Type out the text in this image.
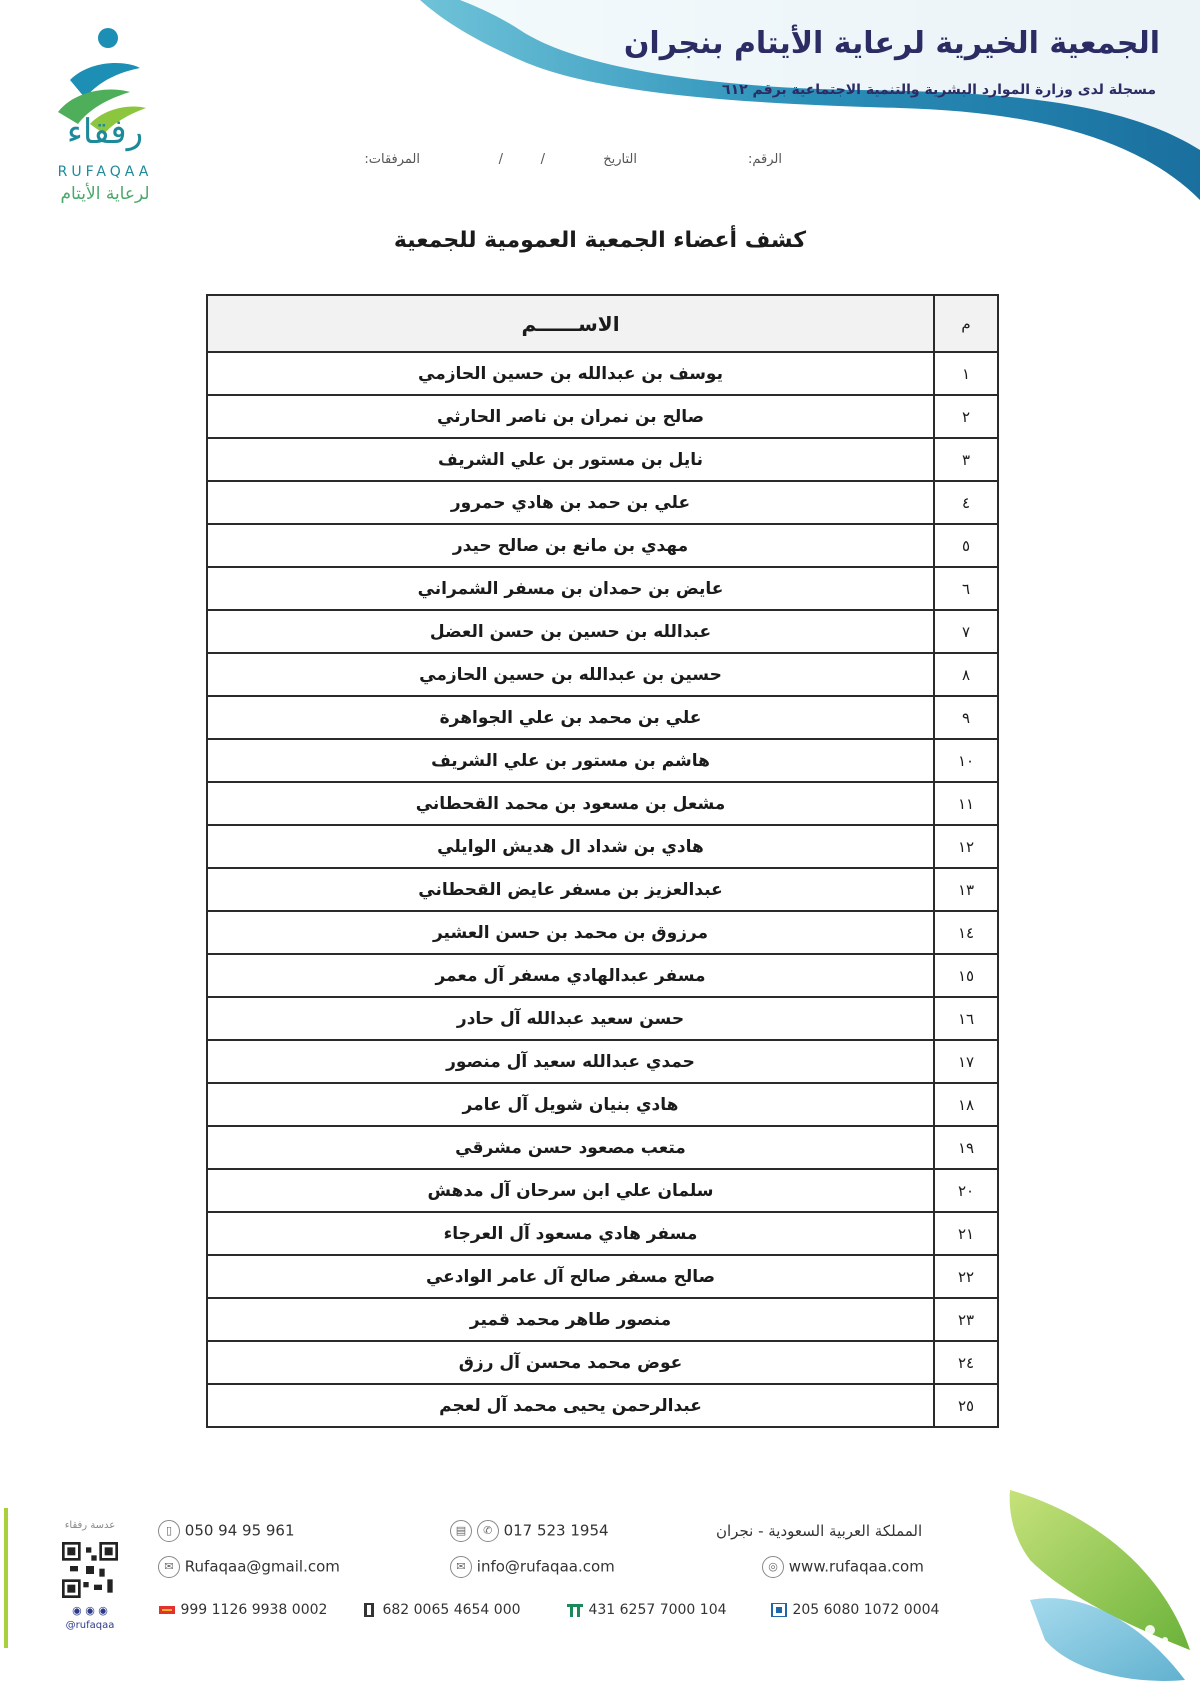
الجمعية الخيرية لرعاية الأيتام بنجران
مسجلة لدى وزارة الموارد البشرية والتنمية الاجتماعية برقم ٦١٢
رفقاء
RUFAQAA
لرعاية الأيتام
الرقم:
التاريخ
/
/
المرفقات:
كشف أعضاء الجمعية العمومية للجمعية
م	الاســــــم
١	يوسف بن عبدالله بن حسين الحازمي
٢	صالح بن نمران بن ناصر الحارثي
٣	نايل بن مستور بن علي الشريف
٤	علي بن حمد بن هادي حمرور
٥	مهدي بن مانع بن صالح حيدر
٦	عايض بن حمدان بن مسفر الشمراني
٧	عبدالله بن حسين بن حسن العضل
٨	حسين بن عبدالله بن حسين الحازمي
٩	علي بن محمد بن علي الجواهرة
١٠	هاشم بن مستور بن علي الشريف
١١	مشعل بن مسعود بن محمد القحطاني
١٢	هادي بن شداد ال هديش الوايلي
١٣	عبدالعزيز بن مسفر عايض القحطاني
١٤	مرزوق بن محمد بن حسن العشير
١٥	مسفر عبدالهادي مسفر آل معمر
١٦	حسن سعيد عبدالله آل حادر
١٧	حمدي عبدالله سعيد آل منصور
١٨	هادي بنيان شويل آل عامر
١٩	متعب مصعود حسن مشرقي
٢٠	سلمان علي ابن سرحان آل مدهش
٢١	مسفر هادي مسعود آل العرجاء
٢٢	صالح مسفر صالح آل عامر الوادعي
٢٣	منصور طاهر محمد قمير
٢٤	عوض محمد محسن آل رزق
٢٥	عبدالرحمن يحيى محمد آل لعجم
عدسة رفقاء
◉ ◉ ◉
@rufaqaa
▯ 050 94 95 961	▤ ✆ 017 523 1954	المملكة العربية السعودية - نجران
✉ Rufaqaa@gmail.com	✉ info@rufaqaa.com	◎ www.rufaqaa.com
999 1126 9938 0002	682 0065 4654 000	431 6257 7000 104	205 6080 1072 0004
